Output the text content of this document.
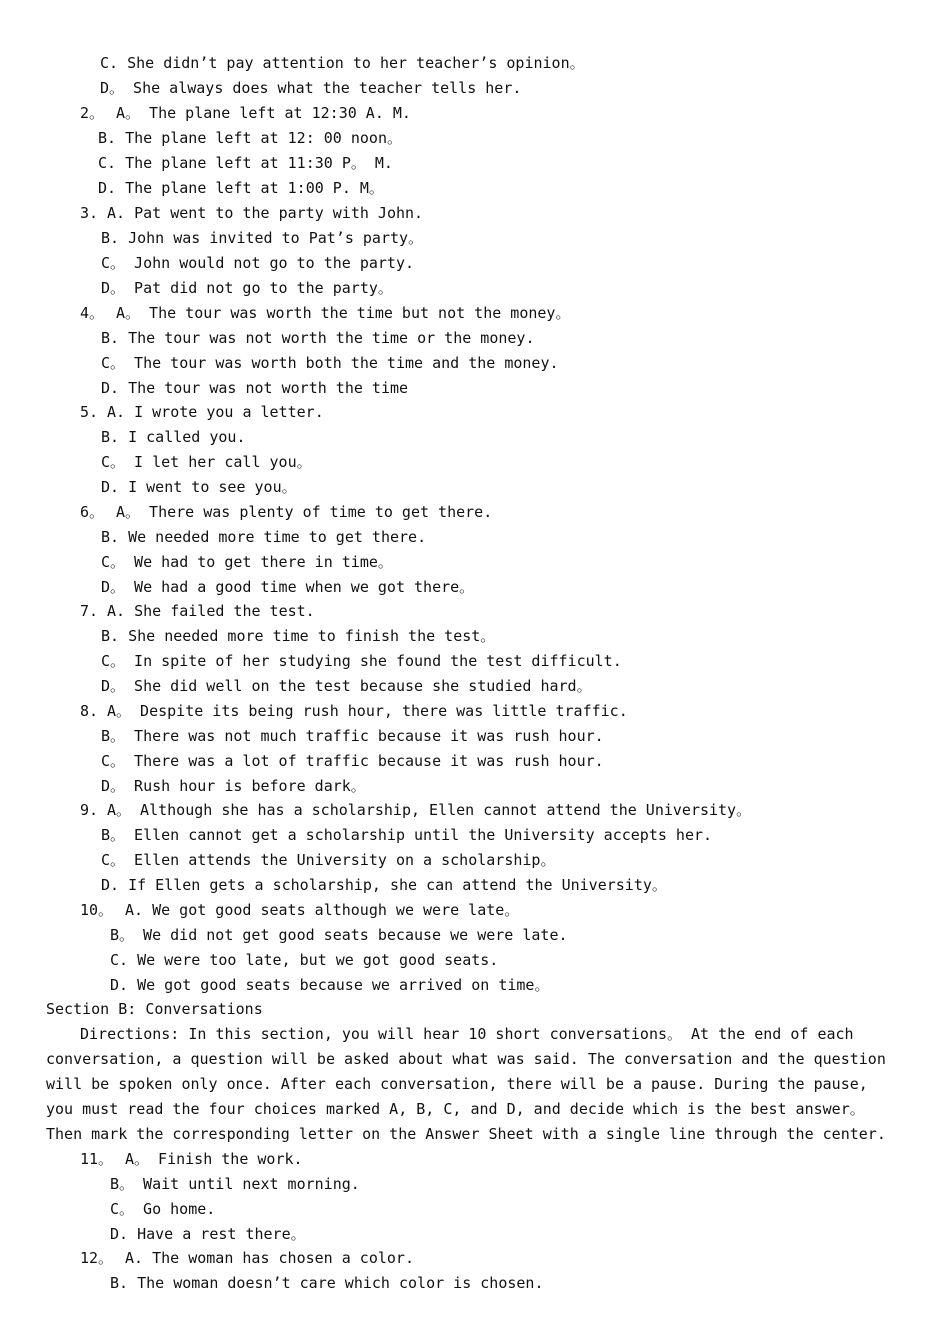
C. She didn’t pay attention to her teacher’s opinion。
D。 She always does what the teacher tells her.
2。 A。 The plane left at 12:30 A. M.
B. The plane left at 12: 00 noon。
C. The plane left at 11:30 P。 M.
D. The plane left at 1:00 P. M。
3. A. Pat went to the party with John.
B. John was invited to Pat’s party。
C。 John would not go to the party.
D。 Pat did not go to the party。
4。 A。 The tour was worth the time but not the money。
B. The tour was not worth the time or the money.
C。 The tour was worth both the time and the money.
D. The tour was not worth the time
5. A. I wrote you a letter.
B. I called you.
C。 I let her call you。
D. I went to see you。
6。 A。 There was plenty of time to get there.
B. We needed more time to get there.
C。 We had to get there in time。
D。 We had a good time when we got there。
7. A. She failed the test.
B. She needed more time to finish the test。
C。 In spite of her studying she found the test difficult.
D。 She did well on the test because she studied hard。
8. A。 Despite its being rush hour, there was little traffic.
B。 There was not much traffic because it was rush hour.
C。 There was a lot of traffic because it was rush hour.
D。 Rush hour is before dark。
9. A。 Although she has a scholarship, Ellen cannot attend the University。
B。 Ellen cannot get a scholarship until the University accepts her.
C。 Ellen attends the University on a scholarship。
D. If Ellen gets a scholarship, she can attend the University。
10。 A. We got good seats although we were late。
B。 We did not get good seats because we were late.
C. We were too late, but we got good seats.
D. We got good seats because we arrived on time。
Section B: Conversations
Directions: In this section, you will hear 10 short conversations。 At the end of each
conversation, a question will be asked about what was said. The conversation and the question
will be spoken only once. After each conversation, there will be a pause. During the pause,
you must read the four choices marked A, B, C, and D, and decide which is the best answer。
Then mark the corresponding letter on the Answer Sheet with a single line through the center.
11。 A。 Finish the work.
B。 Wait until next morning.
C。 Go home.
D. Have a rest there。
12。 A. The woman has chosen a color.
B. The woman doesn’t care which color is chosen.
